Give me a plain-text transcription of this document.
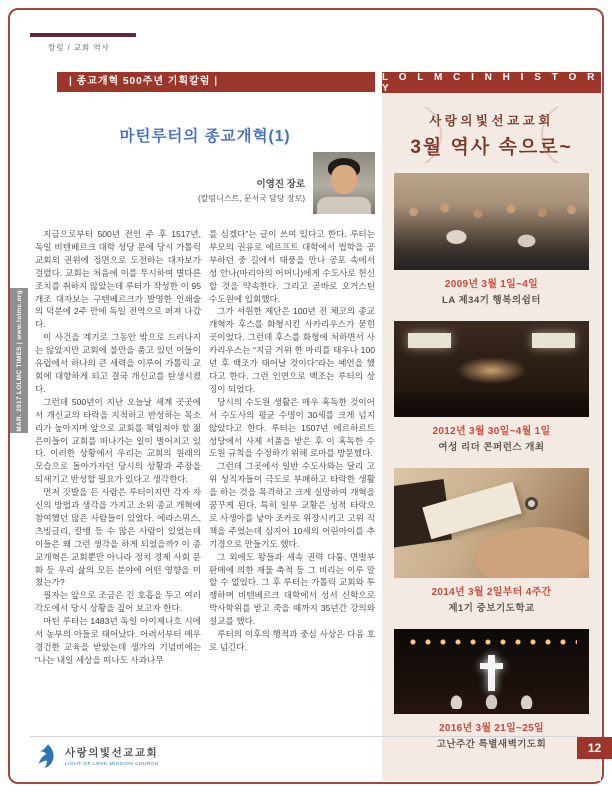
칼럼 / 교회 역사
MAR. 2017 LOLMC TIMES | www.lolmc.org
| 종교개혁 500주년 기획칼럼 |
마틴루터의 종교개혁(1)
이영진 장로
(칼럼니스트, 문서국 담당 장로)

지금으로부터 500년 전인 주 후 1517년, 독일 비텐베르크 대학 성당 문에 당시 가톨릭 교회의 권위에 정면으로 도전하는 대자보가 걸렸다. 교회는 처음에 이를 무시하여 별다른 조치를 취하지 않았는데 루터가 작성한 이 95개조 대자보는 구텐베르크가 발명한 인쇄술의 덕분에 2주 만에 독일 전역으로 퍼져 나갔다.

이 사건을 계기로 그동안 밖으로 드러나지는 않았지만 교회에 불만을 품고 있던 이들이 유럽에서 하나의 큰 세력을 이루어 가톨릭 교회에 대항하게 되고 결국 개신교를 탄생시켰다.

그런데 500년이 지난 오늘날 세계 곳곳에서 개신교의 타락을 지적하고 반성하는 목소리가 높아지며 앞으로 교회를 책임져야 할 젊은이들이 교회를 떠나가는 일이 벌어지고 있다. 이러한 상황에서 우리는 교회의 원래의 모습으로 돌아가자던 당시의 상황과 주장을 되새기고 반성할 필요가 있다고 생각한다.

먼저 깃발을 든 사람은 루터이지만 각자 자신의 방법과 생각을 가지고 소위 종교 개혁에 참여했던 많은 사람들이 있었다. 에라스뮈스, 츠빙글리, 칼뱅 등 수 많은 사람이 있었는데 이들은 왜 그런 생각을 하게 되었을까? 이 종교개혁은 교회뿐만 아니라 정치 경제 사회 문화 등 우리 삶의 모든 분야에 어떤 영향을 미쳤는가?

필자는 앞으로 조금은 긴 호흡을 두고 여러 각도에서 당시 상황을 짚어 보고자 한다.

마틴 루터는 1483년 독일 아이제나흐 시에서 농부의 아들로 태어났다. 어려서부터 매우 경건한 교육을 받았는데 생가의 기념비에는 “나는 내일 세상을 떠나도 사과나무

를 심겠다”는 글이 쓰여 있다고 한다. 루터는 부모의 권유로 에르프트 대학에서 법학을 공부하던 중 길에서 태풍을 만나 공포 속에서 성 안나(마리아의 어머니)에게 수도사로 헌신할 것을 약속한다. 그리고 곧바로 오거스틴 수도원에 입회했다.

그가 서원한 제단은 100년 전 체코의 종교개혁자 후스를 화형시킨 사카리우스가 묻힌 곳이었다. 그런데 후스를 화형에 처하면서 사카리우스는 “지금 거위 한 마리를 태우나 100년 후 백조가 태어날 것이다”라는 예언을 했다고 한다. 그런 인연으로 백조는 루터의 상징이 되었다.

당시의 수도원 생활은 매우 혹독한 것이어서 수도사의 평균 수명이 30세를 크게 넘지 않았다고 한다. 루터는 1507년 에르하르트 성당에서 사제 서품을 받은 후 이 혹독한 수도원 규칙을 수정하기 위해 로마를 방문했다.

그런데 그곳에서 일반 수도사와는 달리 고위 성직자들이 극도로 부패하고 타락한 생활을 하는 것을 목격하고 크게 실망하여 개혁을 꿈꾸게 된다. 특히 일부 교황은 성적 타락으로 사생아를 낳아 조카로 위장시키고 고위 직책을 주었는데 심지어 10세의 어린아이를 추기경으로 만들기도 했다.

그 외에도 왕들과 세속 권력 다툼, 면벌부 판매에 의한 재물 축적 등 그 비리는 이루 말할 수 없었다. 그 후 루터는 가톨릭 교회와 투쟁하며 비텐베르크 대학에서 성서 신학으로 박사학위를 받고 죽을 때까지 35년간 강의와 설교를 했다.

루터의 이후의 행적과 중심 사상은 다음 호로 넘긴다.

L O L M C I N H I S T O R Y
사랑의빛선교교회
3월 역사 속으로~
2009년 3월 1일~4일
LA 제34기 행복의쉼터
2012년 3월 30일~4월 1일
여성 리더 콘퍼런스 개최
2014년 3월 2일부터 4주간
제1기 중보기도학교
2016년 3월 21일~25일
고난주간 특별새벽기도회
사랑의빛선교교회
LIGHT OF LOVE MISSION CHURCH
12
